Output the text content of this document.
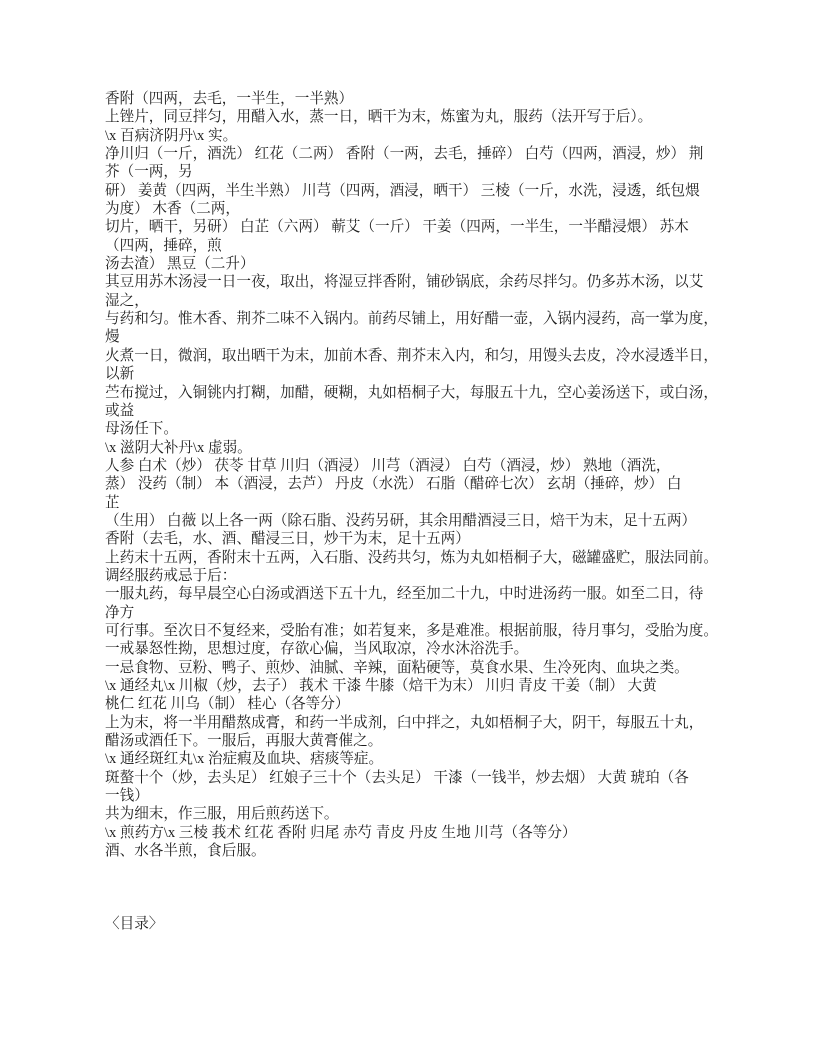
香附（四两，去毛，一半生，一半熟）
上锉片，同豆拌匀，用醋入水，蒸一日，晒干为末，炼蜜为丸，服药（法开写于后）。
\x 百病济阴丹\x 实。
净川归（一斤，酒洗） 红花（二两） 香附（一两，去毛，捶碎） 白芍（四两，酒浸，炒） 荆
芥（一两，另
研） 姜黄（四两，半生半熟） 川芎（四两，酒浸，晒干） 三棱（一斤，水洗，浸透，纸包煨
为度） 木香（二两，
切片，晒干，另研） 白芷（六两） 蕲艾（一斤） 干姜（四两，一半生，一半醋浸煨） 苏木
（四两，捶碎，煎
汤去渣） 黑豆（二升）
其豆用苏木汤浸一日一夜，取出，将湿豆拌香附，铺砂锅底，余药尽拌匀。仍多苏木汤，以艾
湿之，
与药和匀。惟木香、荆芥二味不入锅内。前药尽铺上，用好醋一壶，入锅内浸药，高一掌为度，
熳
火煮一日，微润，取出晒干为末，加前木香、荆芥末入内，和匀，用馒头去皮，冷水浸透半日，
以新
苎布搅过，入铜铫内打糊，加醋，硬糊，丸如梧桐子大，每服五十九，空心姜汤送下，或白汤，
或益
母汤任下。
\x 滋阴大补丹\x 虚弱。
人参 白术（炒） 茯苓 甘草 川归（酒浸） 川芎（酒浸） 白芍（酒浸，炒） 熟地（酒洗，
蒸） 没药（制） 本（酒浸，去芦） 丹皮（水洗） 石脂（醋碎七次） 玄胡（捶碎，炒） 白
芷
（生用） 白薇 以上各一两（除石脂、没药另研，其余用醋酒浸三日，焙干为末，足十五两）
香附（去毛，水、酒、醋浸三日，炒干为末，足十五两）
上药末十五两，香附末十五两，入石脂、没药共匀，炼为丸如梧桐子大，磁罐盛贮，服法同前。
调经服药戒忌于后：
一服丸药，每早晨空心白汤或酒送下五十九，经至加二十九，中时进汤药一服。如至二日，待
净方
可行事。至次日不复经来，受胎有准；如若复来，多是难准。根据前服，待月事匀，受胎为度。
一戒暴怒性拗，思想过度，存欲心偏，当风取凉，冷水沐浴洗手。
一忌食物、豆粉、鸭子、煎炒、油腻、辛辣，面粘硬等，莫食水果、生冷死肉、血块之类。
\x 通经丸\x 川椒（炒，去子） 莪术 干漆 牛膝（焙干为末） 川归 青皮 干姜（制） 大黄
桃仁 红花 川乌（制） 桂心（各等分）
上为末，将一半用醋熬成膏，和药一半成剂，臼中拌之，丸如梧桐子大，阴干，每服五十丸，
醋汤或酒任下。一服后，再服大黄膏催之。
\x 通经斑红丸\x 治症瘕及血块、痞痰等症。
斑螯十个（炒，去头足） 红娘子三十个（去头足） 干漆（一钱半，炒去烟） 大黄 琥珀（各
一钱）
共为细末，作三服，用后煎药送下。
\x 煎药方\x 三棱 莪术 红花 香附 归尾 赤芍 青皮 丹皮 生地 川芎（各等分）
酒、水各半煎，食后服。
〈目录〉
